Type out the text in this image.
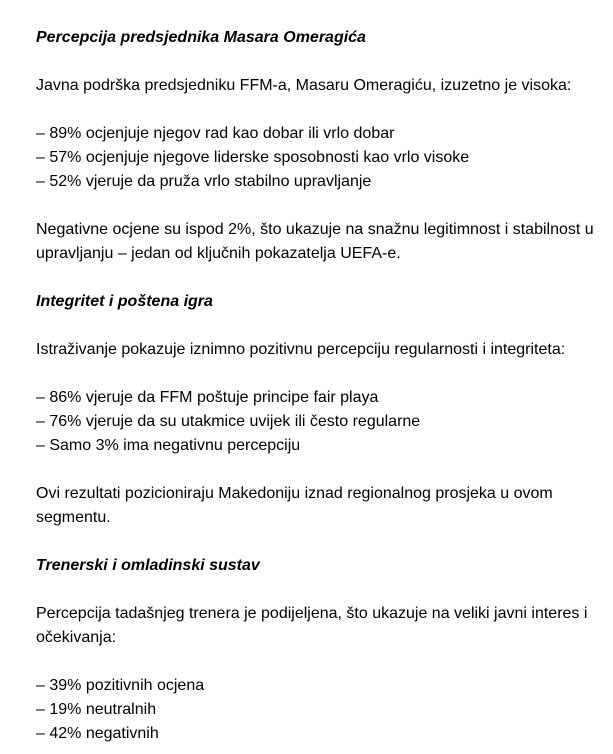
Percepcija predsjednika Masara Omeragića
Javna podrška predsjedniku FFM-a, Masaru Omeragiću, izuzetno je visoka:
– 89% ocjenjuje njegov rad kao dobar ili vrlo dobar
– 57% ocjenjuje njegove liderske sposobnosti kao vrlo visoke
– 52% vjeruje da pruža vrlo stabilno upravljanje
Negativne ocjene su ispod 2%, što ukazuje na snažnu legitimnost i stabilnost u
upravljanju – jedan od ključnih pokazatelja UEFA-e.
Integritet i poštena igra
Istraživanje pokazuje iznimno pozitivnu percepciju regularnosti i integriteta:
– 86% vjeruje da FFM poštuje principe fair playa
– 76% vjeruje da su utakmice uvijek ili često regularne
– Samo 3% ima negativnu percepciju
Ovi rezultati pozicioniraju Makedoniju iznad regionalnog prosjeka u ovom
segmentu.
Trenerski i omladinski sustav
Percepcija tadašnjeg trenera je podijeljena, što ukazuje na veliki javni interes i
očekivanja:
– 39% pozitivnih ocjena
– 19% neutralnih
– 42% negativnih
